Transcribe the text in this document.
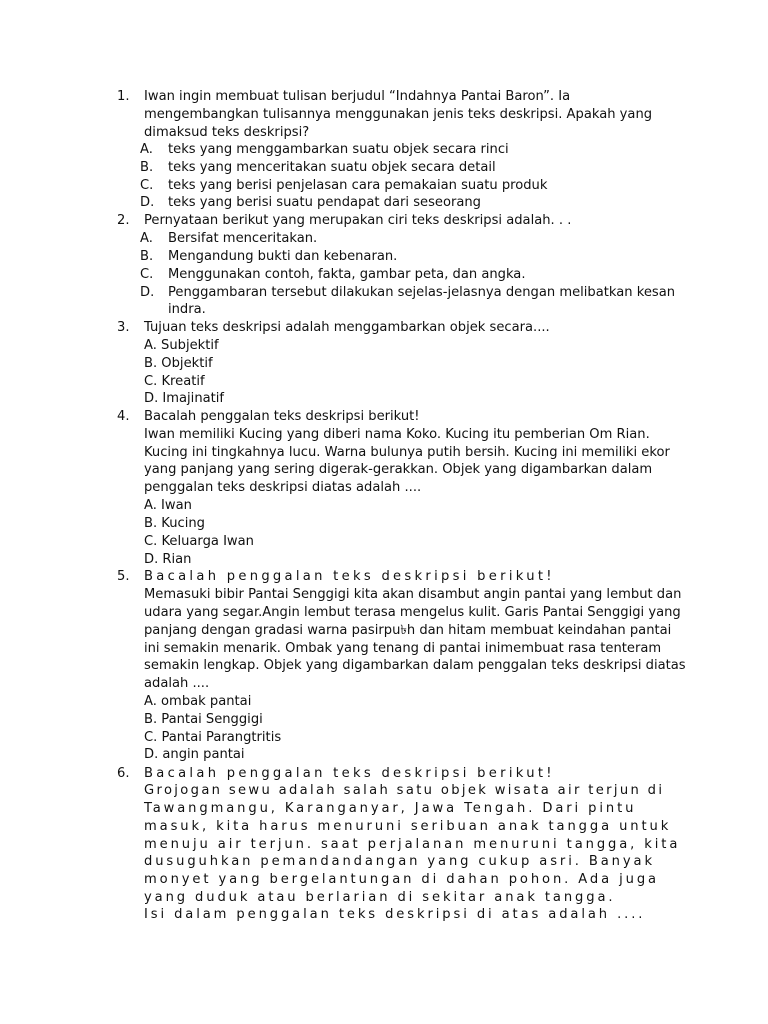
1. Iwan ingin membuat tulisan berjudul “Indahnya Pantai Baron”. Ia
mengembangkan tulisannya menggunakan jenis teks deskripsi. Apakah yang
dimaksud teks deskripsi?
A. teks yang menggambarkan suatu objek secara rinci
B. teks yang menceritakan suatu objek secara detail
C. teks yang berisi penjelasan cara pemakaian suatu produk
D. teks yang berisi suatu pendapat dari seseorang
2. Pernyataan berikut yang merupakan ciri teks deskripsi adalah. . .
A. Bersifat menceritakan.
B. Mengandung bukti dan kebenaran.
C. Menggunakan contoh, fakta, gambar peta, dan angka.
D. Penggambaran tersebut dilakukan sejelas-jelasnya dengan melibatkan kesan
indra.
3. Tujuan teks deskripsi adalah menggambarkan objek secara....
A. Subjektif
B. Objektif
C. Kreatif
D. Imajinatif
4. Bacalah penggalan teks deskripsi berikut!
Iwan memiliki Kucing yang diberi nama Koko. Kucing itu pemberian Om Rian.
Kucing ini tingkahnya lucu. Warna bulunya putih bersih. Kucing ini memiliki ekor
yang panjang yang sering digerak-gerakkan. Objek yang digambarkan dalam
penggalan teks deskripsi diatas adalah ....
A. Iwan
B. Kucing
C. Keluarga Iwan
D. Rian
5. Bacalah penggalan teks deskripsi berikut!
Memasuki bibir Pantai Senggigi kita akan disambut angin pantai yang lembut dan
udara yang segar.Angin lembut terasa mengelus kulit. Garis Pantai Senggigi yang
panjang dengan gradasi warna pasirpu৳h dan hitam membuat keindahan pantai
ini semakin menarik. Ombak yang tenang di pantai inimembuat rasa tenteram
semakin lengkap. Objek yang digambarkan dalam penggalan teks deskripsi diatas
adalah ....
A. ombak pantai
B. Pantai Senggigi
C. Pantai Parangtritis
D. angin pantai
6. Bacalah penggalan teks deskripsi berikut!
Grojogan sewu adalah salah satu objek wisata air terjun di
Tawangmangu, Karanganyar, Jawa Tengah. Dari pintu
masuk, kita harus menuruni seribuan anak tangga untuk
menuju air terjun. saat perjalanan menuruni tangga, kita
dusuguhkan pemandandangan yang cukup asri. Banyak
monyet yang bergelantungan di dahan pohon. Ada juga
yang duduk atau berlarian di sekitar anak tangga.
Isi dalam penggalan teks deskripsi di atas adalah ....
